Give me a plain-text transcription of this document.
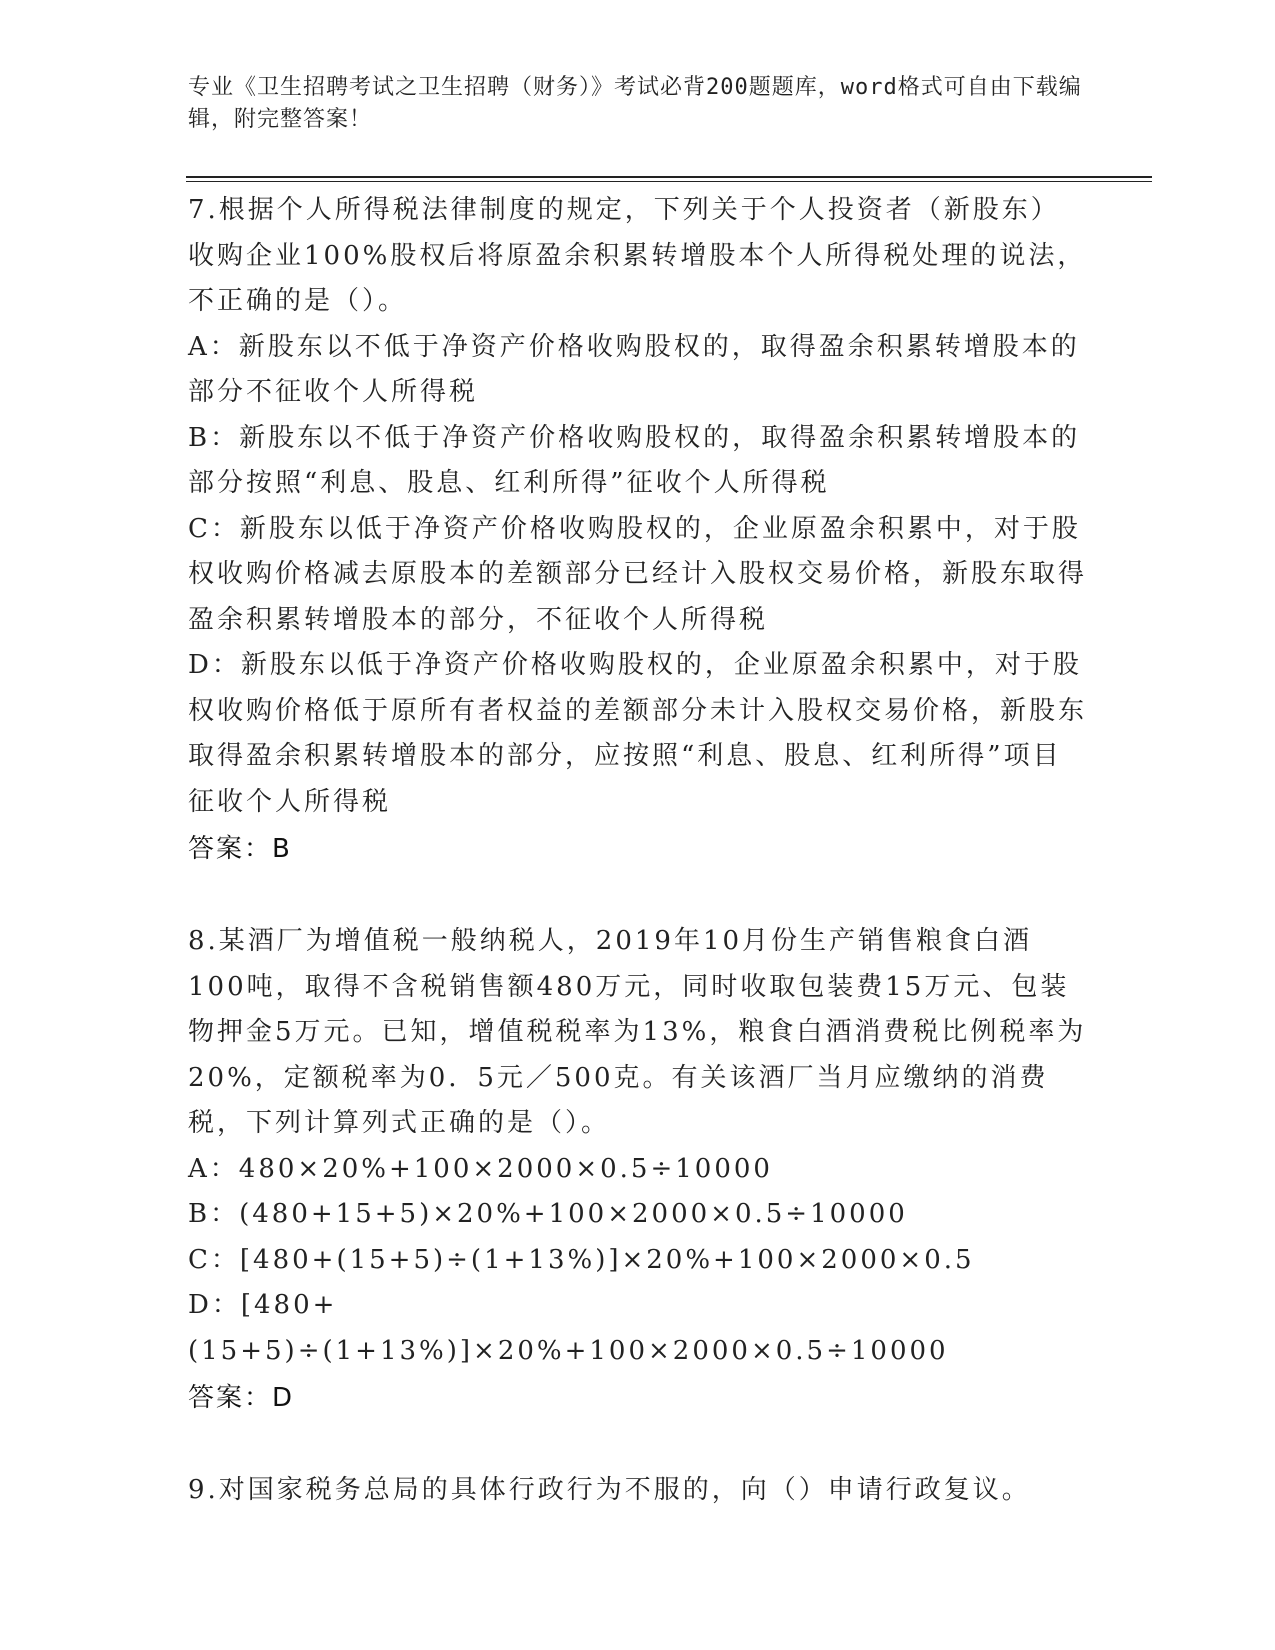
专业《卫生招聘考试之卫生招聘（财务）》考试必背200题题库，word格式可自由下载编辑，附完整答案！

7.根据个人所得税法律制度的规定，下列关于个人投资者（新股东）收购企业100%股权后将原盈余积累转增股本个人所得税处理的说法，不正确的是（）。

A：新股东以不低于净资产价格收购股权的，取得盈余积累转增股本的部分不征收个人所得税

B：新股东以不低于净资产价格收购股权的，取得盈余积累转增股本的部分按照“利息、股息、红利所得”征收个人所得税

C：新股东以低于净资产价格收购股权的，企业原盈余积累中，对于股权收购价格减去原股本的差额部分已经计入股权交易价格，新股东取得盈余积累转增股本的部分，不征收个人所得税

D：新股东以低于净资产价格收购股权的，企业原盈余积累中，对于股权收购价格低于原所有者权益的差额部分未计入股权交易价格，新股东取得盈余积累转增股本的部分，应按照“利息、股息、红利所得”项目征收个人所得税

答案：B

8.某酒厂为增值税一般纳税人，2019年10月份生产销售粮食白酒100吨，取得不含税销售额480万元，同时收取包装费15万元、包装物押金5万元。已知，增值税税率为13%，粮食白酒消费税比例税率为20%，定额税率为0．5元／500克。有关该酒厂当月应缴纳的消费税，下列计算列式正确的是（）。

A：480×20%+100×2000×0.5÷10000

B：(480+15+5)×20%+100×2000×0.5÷10000

C：[480+(15+5)÷(1+13%)]×20%+100×2000×0.5

D：[480+(15+5)÷(1+13%)]×20%+100×2000×0.5÷10000

答案：D

9.对国家税务总局的具体行政行为不服的，向（）申请行政复议。
